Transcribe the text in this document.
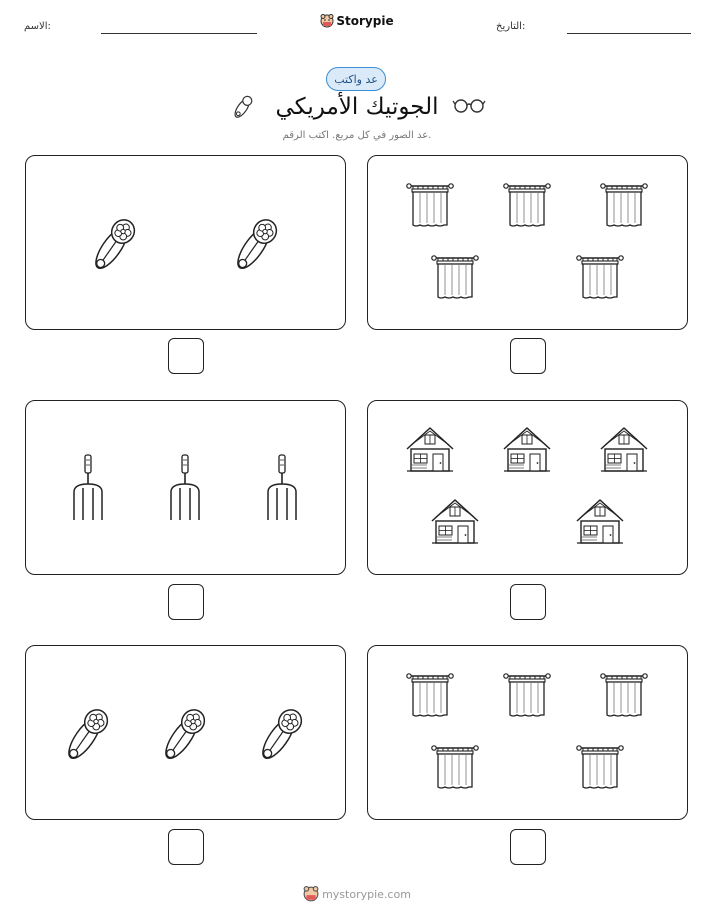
الاسم:	التاريخ:
Storypie
عد واكتب
الجوتيك الأمريكي
عد الصور في كل مربع. اكتب الرقم.
mystorypie.com
